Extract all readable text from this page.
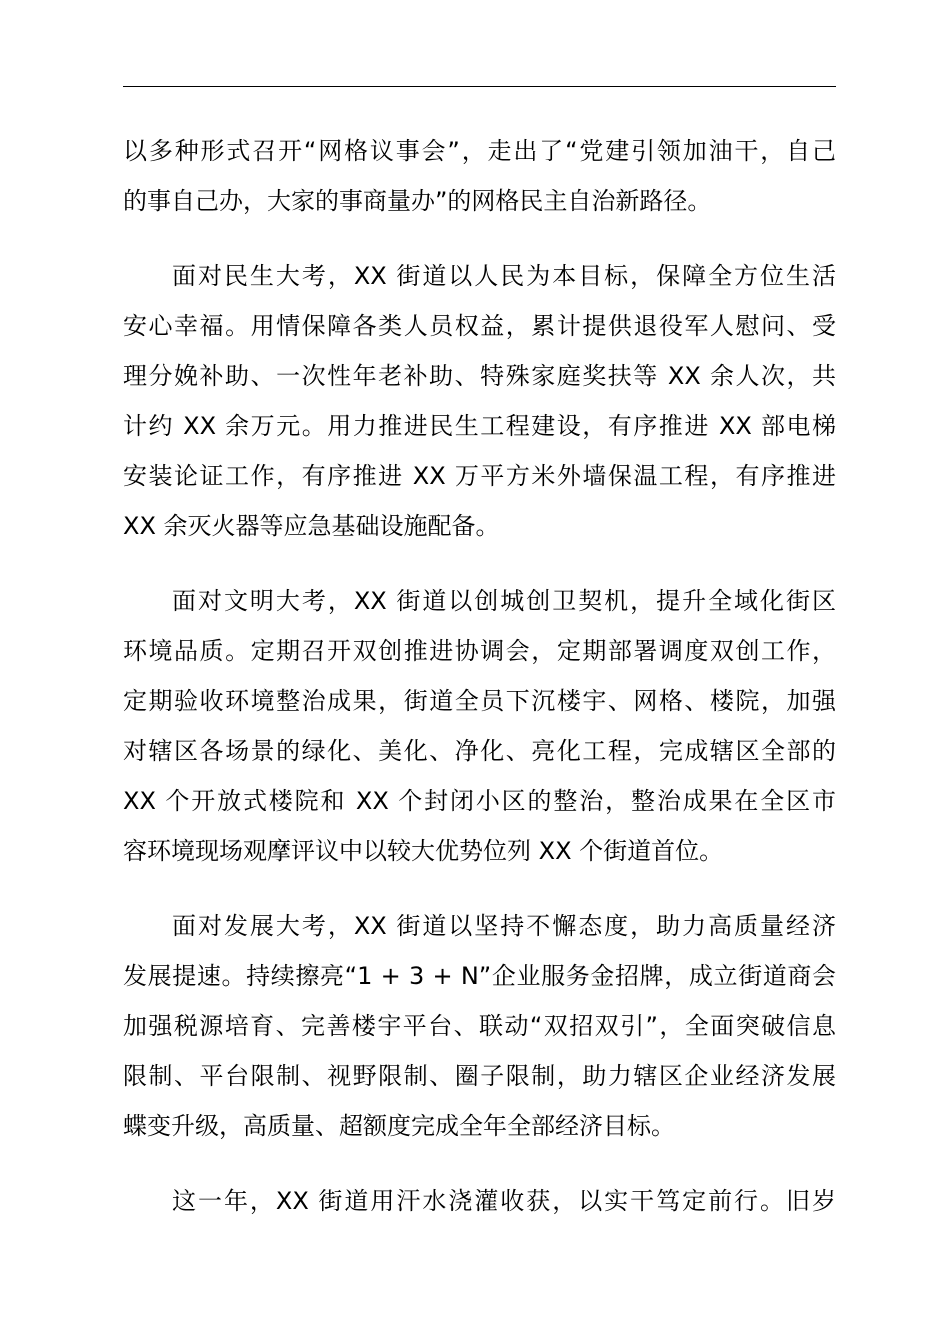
以多种形式召开“网格议事会”，走出了“党建引领加油干，自己
的事自己办，大家的事商量办”的网格民主自治新路径。

面对民生大考，XX 街道以人民为本目标，保障全方位生活
安心幸福。用情保障各类人员权益，累计提供退役军人慰问、受
理分娩补助、一次性年老补助、特殊家庭奖扶等 XX 余人次，共
计约 XX 余万元。用力推进民生工程建设，有序推进 XX 部电梯
安装论证工作，有序推进 XX 万平方米外墙保温工程，有序推进
XX 余灭火器等应急基础设施配备。

面对文明大考，XX 街道以创城创卫契机，提升全域化街区
环境品质。定期召开双创推进协调会，定期部署调度双创工作，
定期验收环境整治成果，街道全员下沉楼宇、网格、楼院，加强
对辖区各场景的绿化、美化、净化、亮化工程，完成辖区全部的
XX 个开放式楼院和 XX 个封闭小区的整治，整治成果在全区市
容环境现场观摩评议中以较大优势位列 XX 个街道首位。

面对发展大考，XX 街道以坚持不懈态度，助力高质量经济
发展提速。持续擦亮“1 + 3 + N”企业服务金招牌，成立街道商会
加强税源培育、完善楼宇平台、联动“双招双引”，全面突破信息
限制、平台限制、视野限制、圈子限制，助力辖区企业经济发展
蝶变升级，高质量、超额度完成全年全部经济目标。

这一年，XX 街道用汗水浇灌收获，以实干笃定前行。旧岁
